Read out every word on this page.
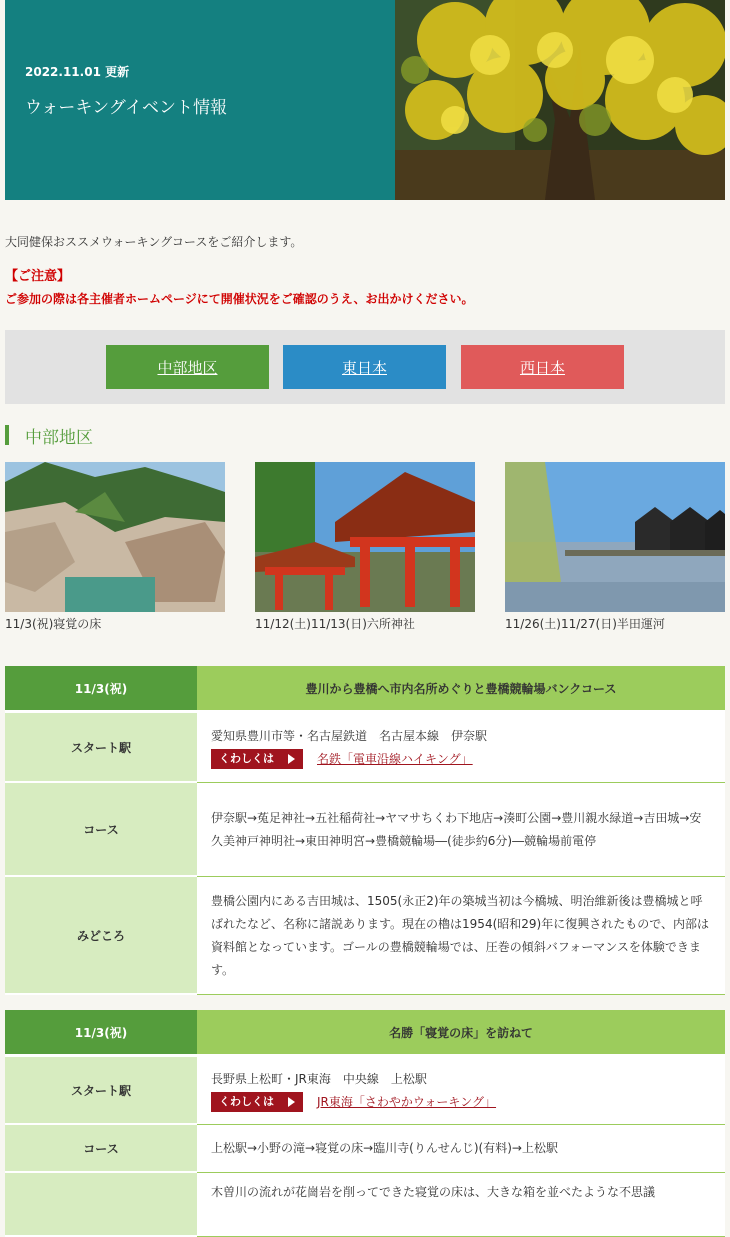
2022.11.01 更新
ウォーキングイベント情報
大同健保おススメウォーキングコースをご紹介します。
【ご注意】
ご参加の際は各主催者ホームページにて開催状況をご確認のうえ、お出かけください。
中部地区	東日本	西日本
中部地区
11/3(祝)寝覚の床	11/12(土)11/13(日)六所神社	11/26(土)11/27(日)半田運河
11/3(祝)	豊川から豊橋へ市内名所めぐりと豊橋競輪場バンクコース
スタート駅	愛知県豊川市等・名古屋鉄道　名古屋本線　伊奈駅
くわしくは 名鉄「電車沿線ハイキング」

コース	伊奈駅→菟足神社→五社稲荷社→ヤマサちくわ下地店→湊町公園→豊川親水緑道→吉田城→安久美神戸神明社→東田神明宮→豊橋競輪場―(徒歩約6分)―競輪場前電停
みどころ	豊橋公園内にある吉田城は、1505(永正2)年の築城当初は今橋城、明治維新後は豊橋城と呼ばれたなど、名称に諸説あります。現在の櫓は1954(昭和29)年に復興されたもので、内部は資料館となっています。ゴールの豊橋競輪場では、圧巻の傾斜バフォーマンスを体験できます。
11/3(祝)	名勝「寝覚の床」を訪ねて
スタート駅	長野県上松町・JR東海　中央線　上松駅
くわしくは JR東海「さわやかウォーキング」

コース	上松駅→小野の滝→寝覚の床→臨川寺(りんせんじ)(有料)→上松駅
	木曽川の流れが花崗岩を削ってできた寝覚の床は、大きな箱を並べたような不思議
